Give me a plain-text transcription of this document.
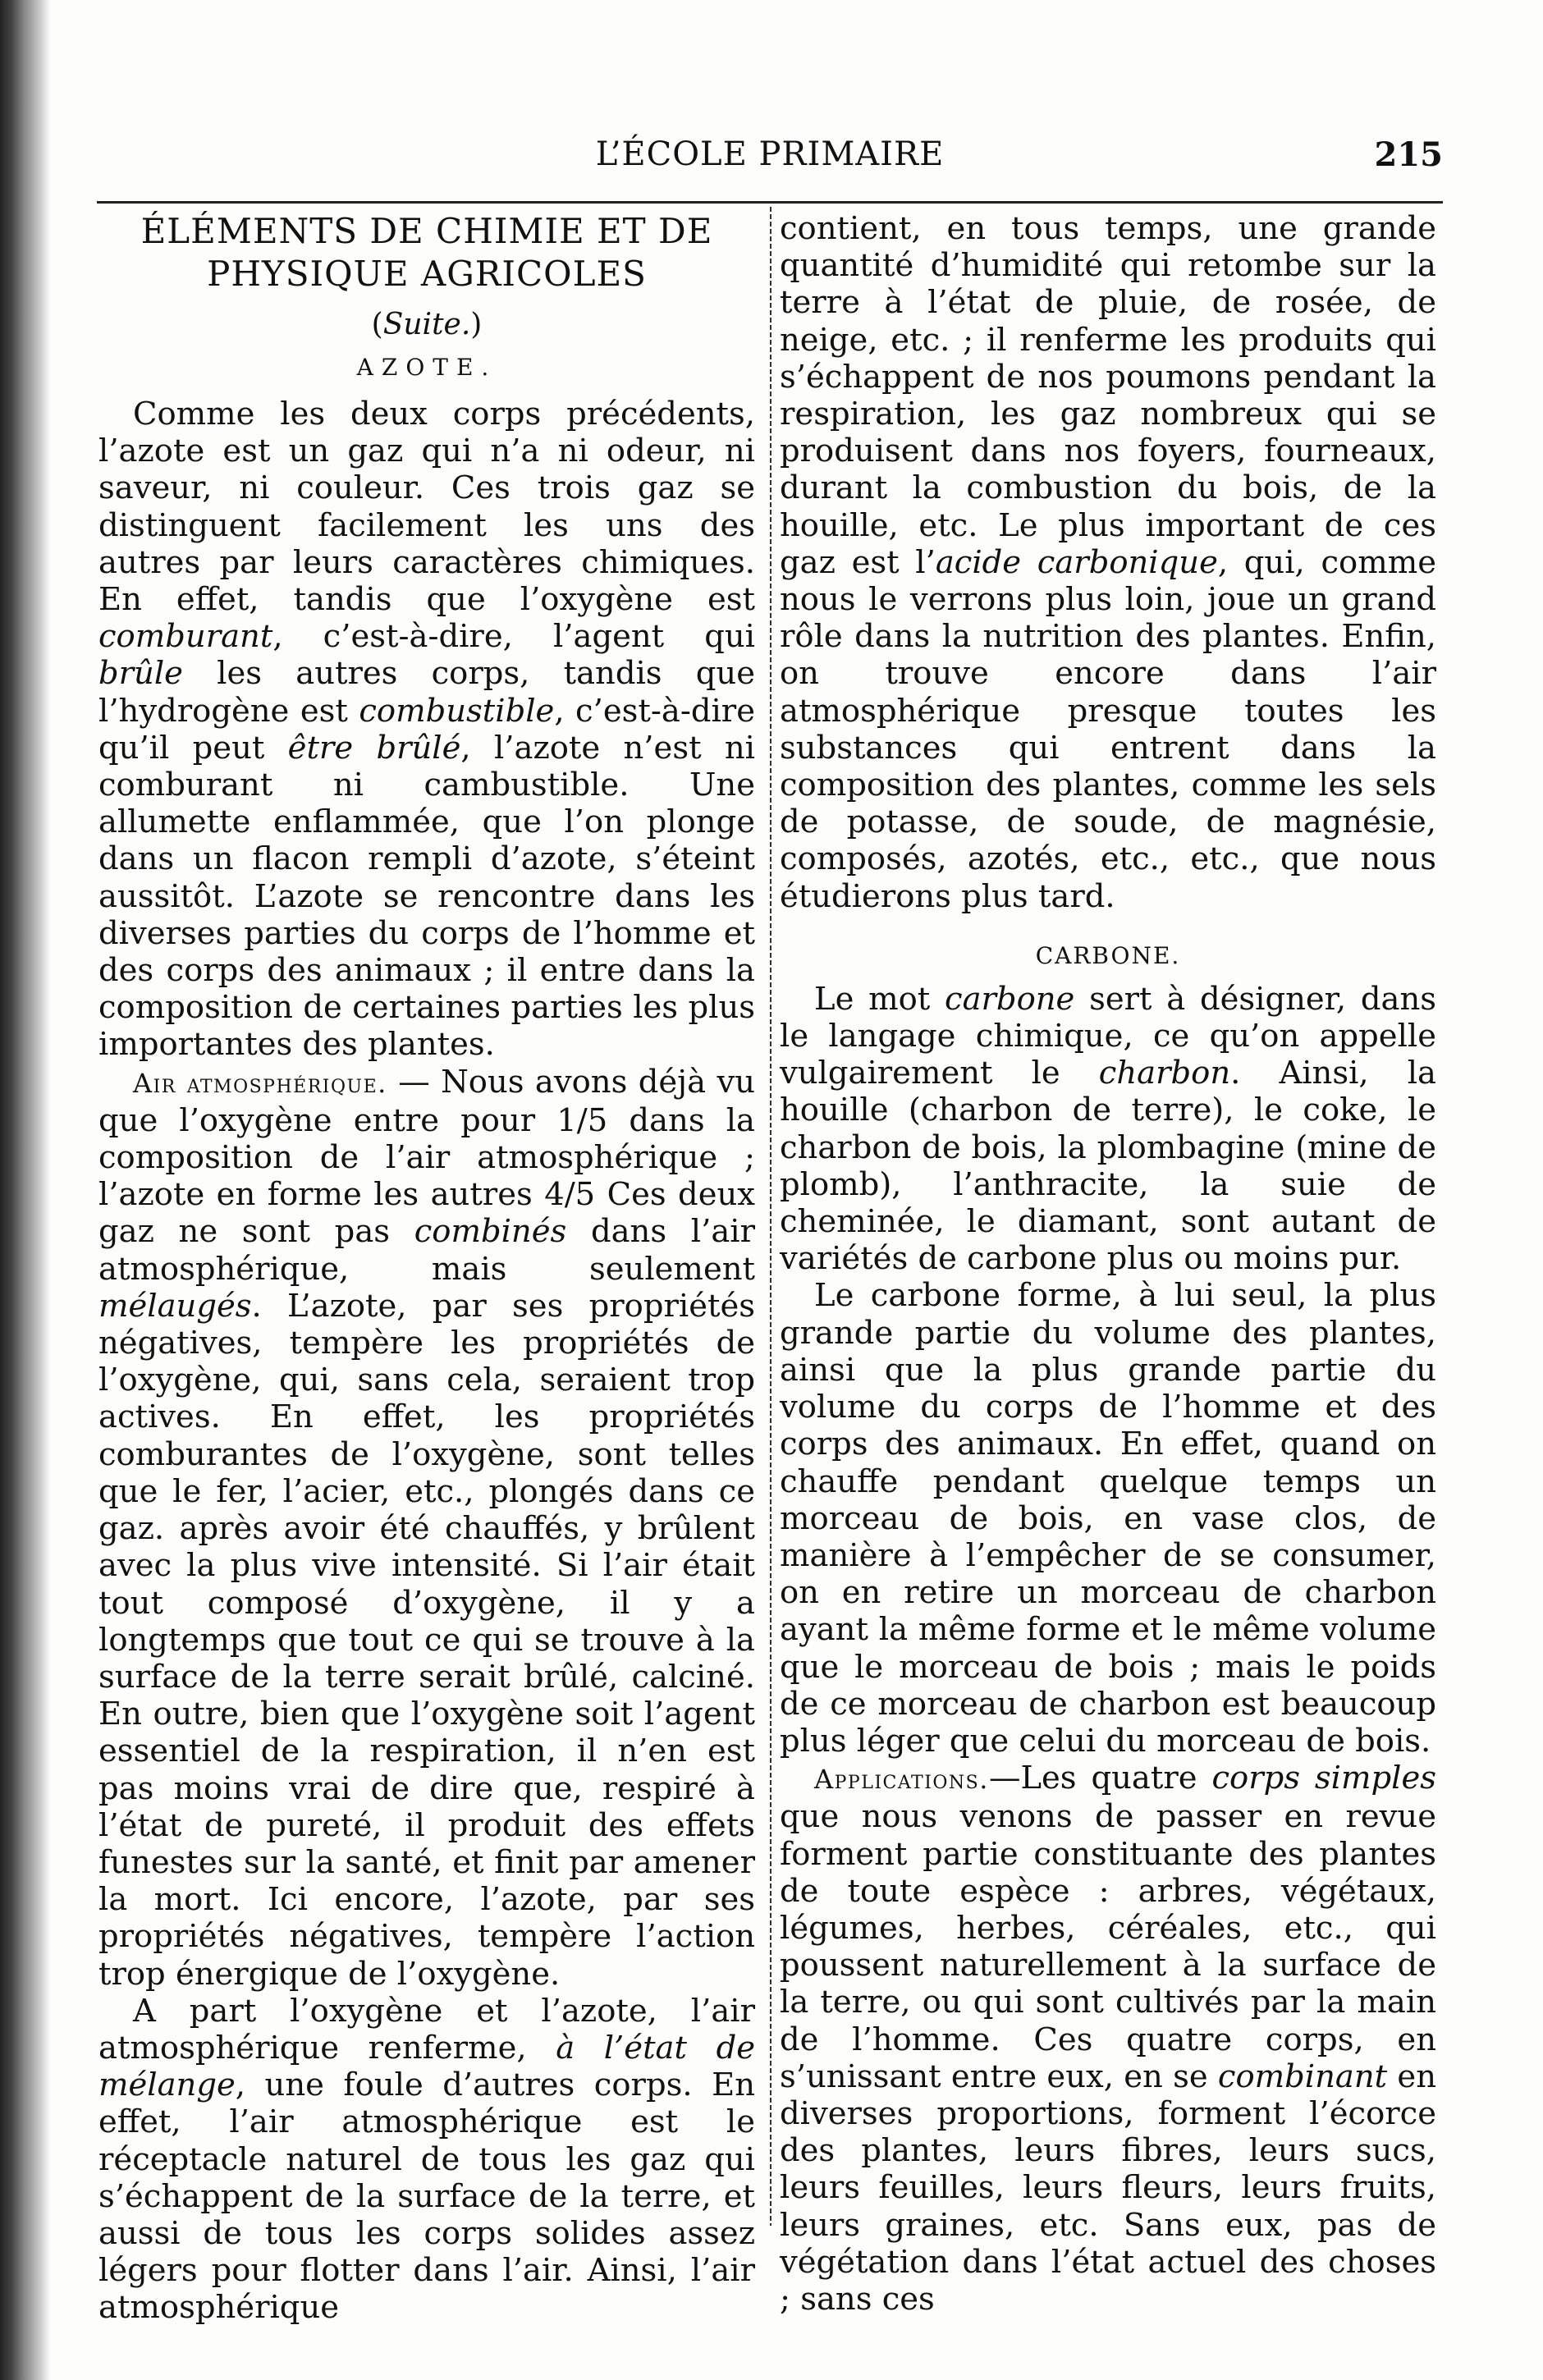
L’ÉCOLE PRIMAIRE	215
ÉLÉMENTS DE CHIMIE ET DE
PHYSIQUE AGRICOLES
(Suite.)
AZOTE.

Comme les deux corps précédents, l’azote est un gaz qui n’a ni odeur, ni saveur, ni couleur. Ces trois gaz se distinguent facilement les uns des autres par leurs caractères chimiques. En effet, tandis que l’oxygène est comburant, c’est-à-dire, l’agent qui brûle les autres corps, tandis que l’hydrogène est combustible, c’est-à-dire qu’il peut être brûlé, l’azote n’est ni comburant ni cambustible. Une allumette enflammée, que l’on plonge dans un flacon rempli d’azote, s’éteint aussitôt. L’azote se rencontre dans les diverses parties du corps de l’homme et des corps des animaux ; il entre dans la composition de certaines parties les plus importantes des plantes.

Air atmosphérique. — Nous avons déjà vu que l’oxygène entre pour 1/5 dans la composition de l’air atmosphérique ; l’azote en forme les autres 4/5 Ces deux gaz ne sont pas combinés dans l’air atmosphérique, mais seulement mélaugés. L’azote, par ses propriétés négatives, tempère les propriétés de l’oxygène, qui, sans cela, seraient trop actives. En effet, les propriétés comburantes de l’oxygène, sont telles que le fer, l’acier, etc., plongés dans ce gaz. après avoir été chauffés, y brûlent avec la plus vive intensité. Si l’air était tout composé d’oxygène, il y a longtemps que tout ce qui se trouve à la surface de la terre serait brûlé, calciné. En outre, bien que l’oxygène soit l’agent essentiel de la respiration, il n’en est pas moins vrai de dire que, respiré à l’état de pureté, il produit des effets funestes sur la santé, et finit par amener la mort. Ici encore, l’azote, par ses propriétés négatives, tempère l’action trop énergique de l’oxygène.

A part l’oxygène et l’azote, l’air atmosphérique renferme, à l’état de mélange, une foule d’autres corps. En effet, l’air atmosphérique est le réceptacle naturel de tous les gaz qui s’échappent de la surface de la terre, et aussi de tous les corps solides assez légers pour flotter dans l’air. Ainsi, l’air atmosphérique

contient, en tous temps, une grande quantité d’humidité qui retombe sur la terre à l’état de pluie, de rosée, de neige, etc. ; il renferme les produits qui s’échappent de nos poumons pendant la respiration, les gaz nombreux qui se produisent dans nos foyers, fourneaux, durant la combustion du bois, de la houille, etc. Le plus important de ces gaz est l’acide carbonique, qui, comme nous le verrons plus loin, joue un grand rôle dans la nutrition des plantes. Enfin, on trouve encore dans l’air atmosphérique presque toutes les substances qui entrent dans la composition des plantes, comme les sels de potasse, de soude, de magnésie, composés, azotés, etc., etc., que nous étudierons plus tard.

CARBONE.

Le mot carbone sert à désigner, dans le langage chimique, ce qu’on appelle vulgairement le charbon. Ainsi, la houille (charbon de terre), le coke, le charbon de bois, la plombagine (mine de plomb), l’anthracite, la suie de cheminée, le diamant, sont autant de variétés de carbone plus ou moins pur.

Le carbone forme, à lui seul, la plus grande partie du volume des plantes, ainsi que la plus grande partie du volume du corps de l’homme et des corps des animaux. En effet, quand on chauffe pendant quelque temps un morceau de bois, en vase clos, de manière à l’empêcher de se consumer, on en retire un morceau de charbon ayant la même forme et le même volume que le morceau de bois ; mais le poids de ce morceau de charbon est beaucoup plus léger que celui du morceau de bois.

Applications.—Les quatre corps simples que nous venons de passer en revue forment partie constituante des plantes de toute espèce : arbres, végétaux, légumes, herbes, céréales, etc., qui poussent naturellement à la surface de la terre, ou qui sont cultivés par la main de l’homme. Ces quatre corps, en s’unissant entre eux, en se combinant en diverses proportions, forment l’écorce des plantes, leurs fibres, leurs sucs, leurs feuilles, leurs fleurs, leurs fruits, leurs graines, etc. Sans eux, pas de végétation dans l’état actuel des choses ; sans ces
